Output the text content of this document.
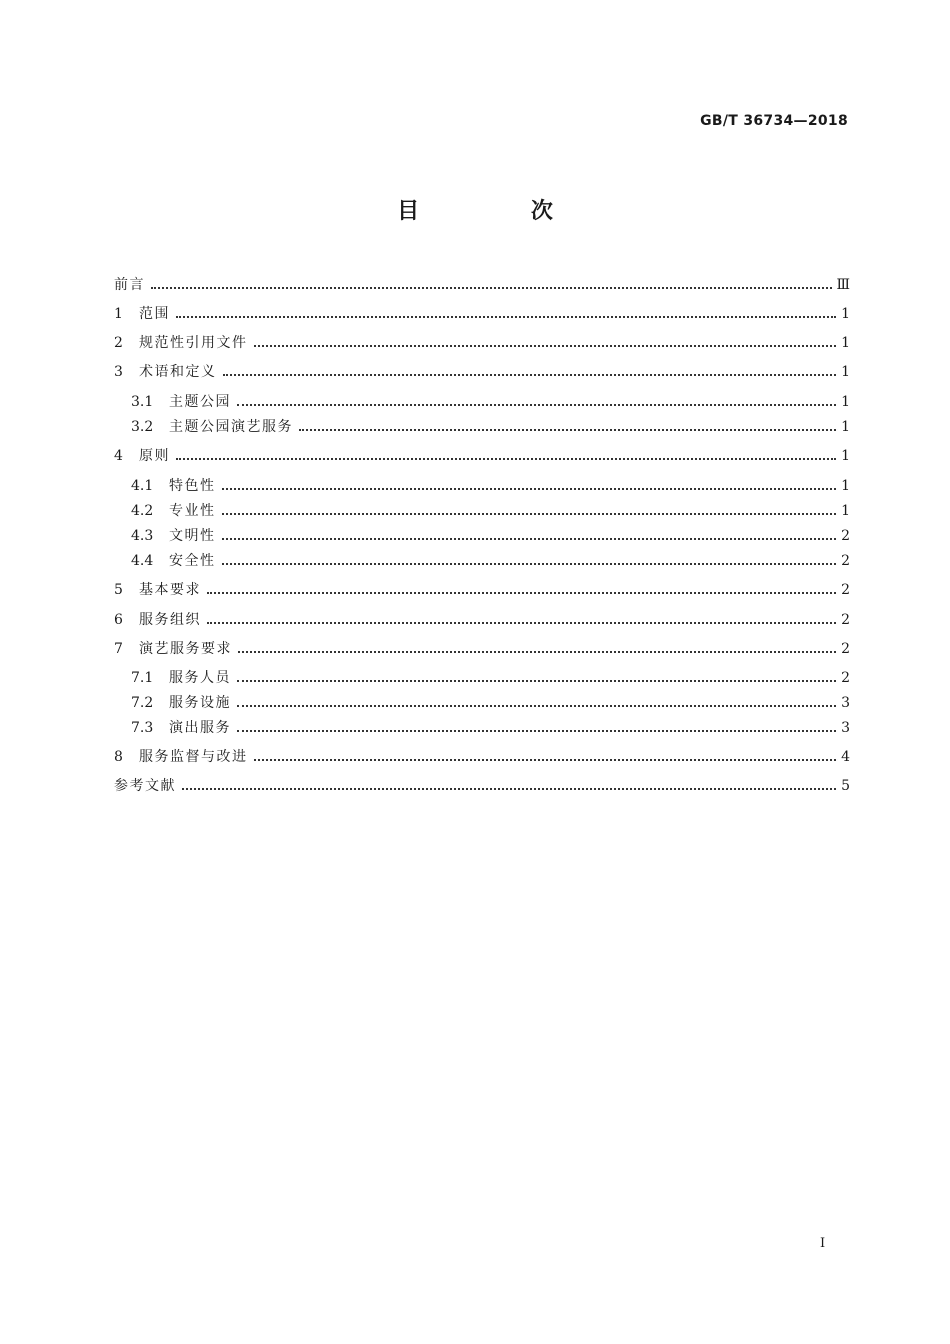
GB/T 36734—2018
目 次
前言	Ⅲ
1	范围	1
2	规范性引用文件	1
3	术语和定义	1
3.1	主题公园	1
3.2	主题公园演艺服务	1
4	原则	1
4.1	特色性	1
4.2	专业性	1
4.3	文明性	2
4.4	安全性	2
5	基本要求	2
6	服务组织	2
7	演艺服务要求	2
7.1	服务人员	2
7.2	服务设施	3
7.3	演出服务	3
8	服务监督与改进	4
参考文献	5
I
